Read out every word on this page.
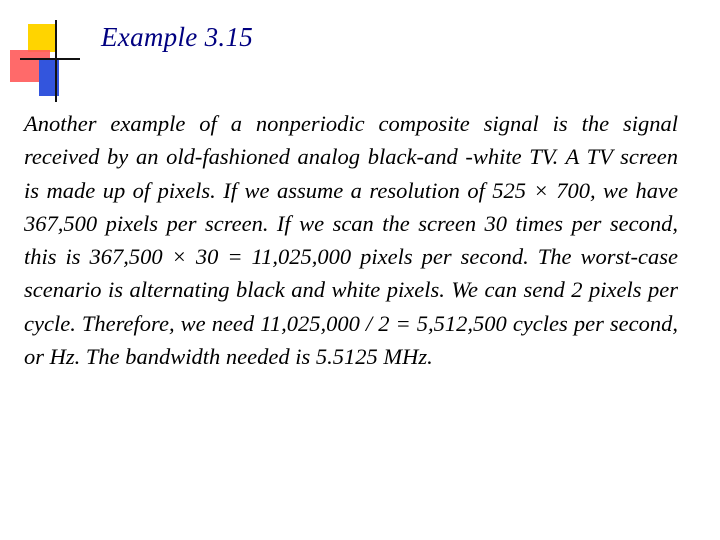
Example 3.15

Another example of a nonperiodic composite signal is the signal received by an old-fashioned analog black-and -white TV. A TV screen is made up of pixels. If we assume a resolution of 525 × 700, we have 367,500 pixels per screen. If we scan the screen 30 times per second, this is 367,500 × 30 = 11,025,000 pixels per second. The worst-case scenario is alternating black and white pixels. We can send 2 pixels per cycle. Therefore, we need 11,025,000 / 2 = 5,512,500 cycles per second, or Hz. The bandwidth needed is 5.5125 MHz.
